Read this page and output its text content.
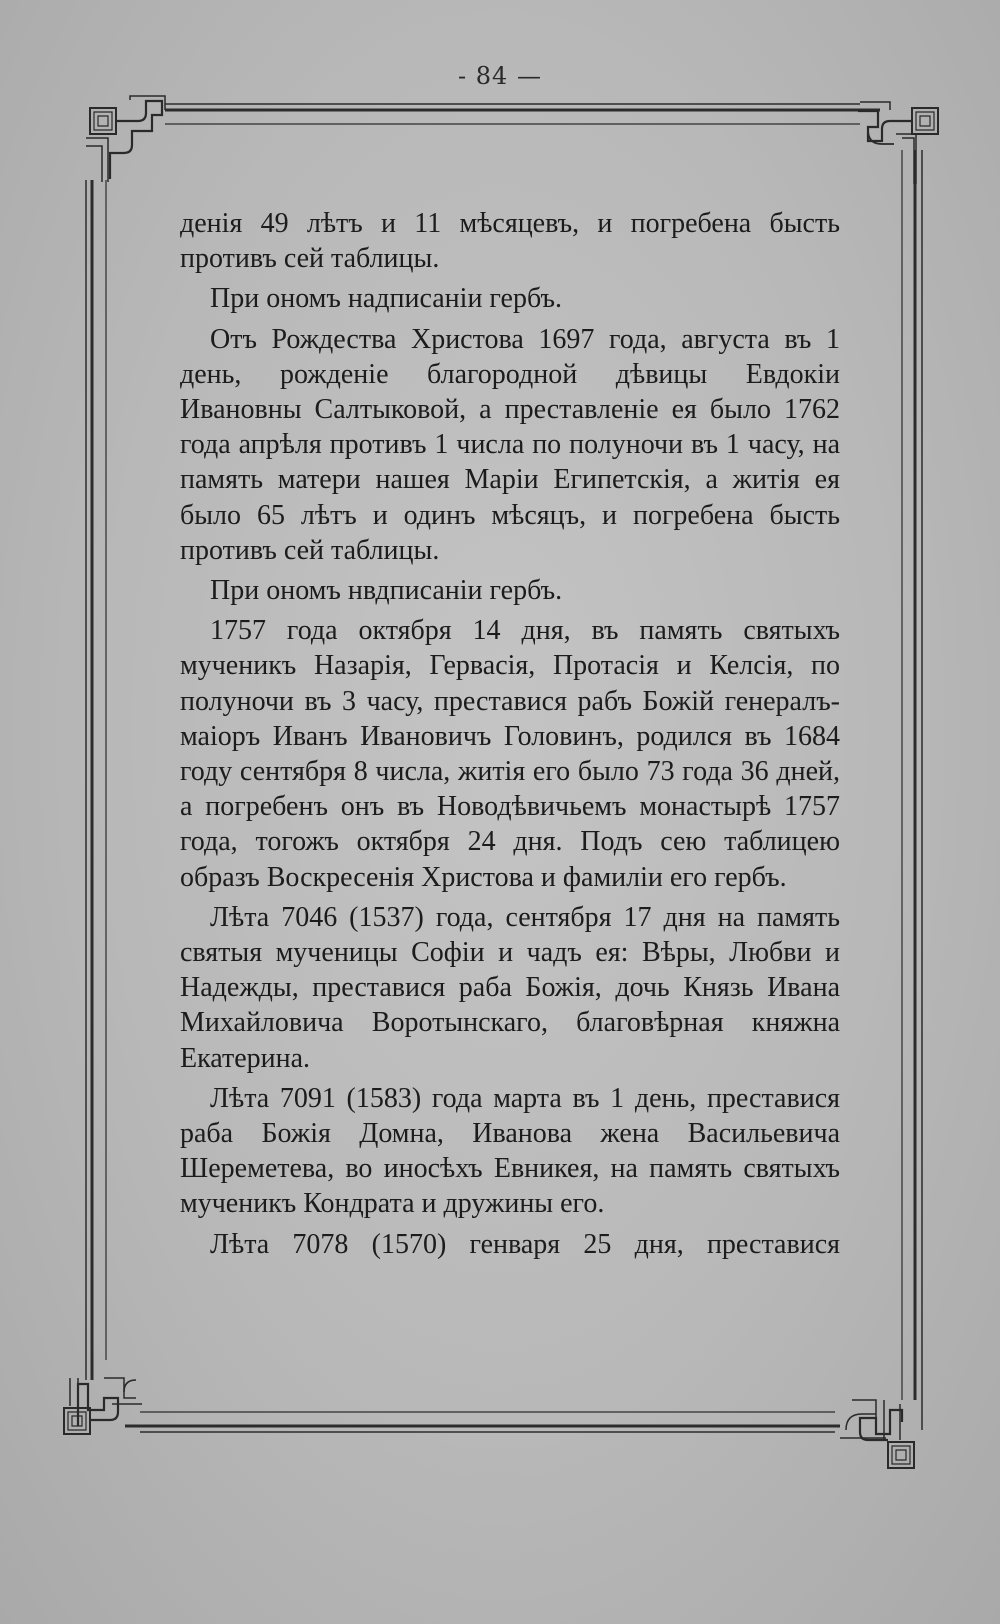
- 84 —

денія 49 лѣтъ и 11 мѣсяцевъ, и погребена бысть противъ сей таблицы.

При ономъ надписаніи гербъ.

Отъ Рождества Христова 1697 года, августа въ 1 день, рожденіе благородной дѣвицы Евдокіи Ивановны Салтыковой, а преставленіе ея было 1762 года апрѣля противъ 1 числа по полуночи въ 1 часу, на память матери нашея Маріи Египетскія, а житія ея было 65 лѣтъ и одинъ мѣсяцъ, и погребена бысть противъ сей таблицы.

При ономъ нвдписаніи гербъ.

1757 года октября 14 дня, въ память святыхъ мученикъ Назарія, Гервасія, Протасія и Келсія, по полуночи въ 3 часу, преставися рабъ Божій генералъ-маіоръ Иванъ Ивановичъ Головинъ, родился въ 1684 году сентября 8 числа, житія его было 73 года 36 дней, а погребенъ онъ въ Новодѣвичьемъ монастырѣ 1757 года, тогожъ октября 24 дня. Подъ сею таблицею образъ Воскресенія Христова и фамиліи его гербъ.

Лѣта 7046 (1537) года, сентября 17 дня на память святыя мученицы Софіи и чадъ ея: Вѣры, Любви и Надежды, преставися раба Божія, дочь Князь Ивана Михайловича Воротынскаго, благовѣрная княжна Екатерина.

Лѣта 7091 (1583) года марта въ 1 день, преставися раба Божія Домна, Иванова жена Васильевича Шереметева, во инocѣхъ Евникея, на память святыхъ мученикъ Кондрата и дружины его.

Лѣта 7078 (1570) генваря 25 дня, преставися
